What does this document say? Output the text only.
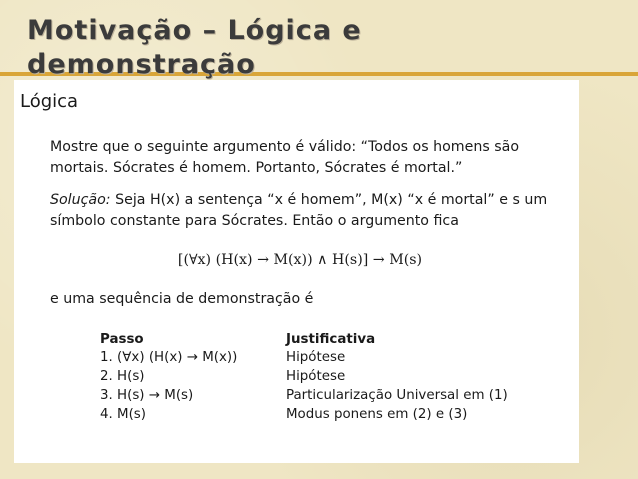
Motivação – Lógica e
demonstração
Lógica

Mostre que o seguinte argumento é válido: “Todos os homens são mortais. Sócrates é homem. Portanto, Sócrates é mortal.”

Solução: Seja H(x) a sentença “x é homem”, M(x) “x é mortal” e s um símbolo constante para Sócrates. Então o argumento fica

[(∀x) (H(x) → M(x)) ∧ H(s)] → M(s)

e uma sequência de demonstração é

Passo	Justificativa
1. (∀x) (H(x) → M(x))	Hipótese
2. H(s)	Hipótese
3. H(s) → M(s)	Particularização Universal em (1)
4. M(s)	Modus ponens em (2) e (3)
